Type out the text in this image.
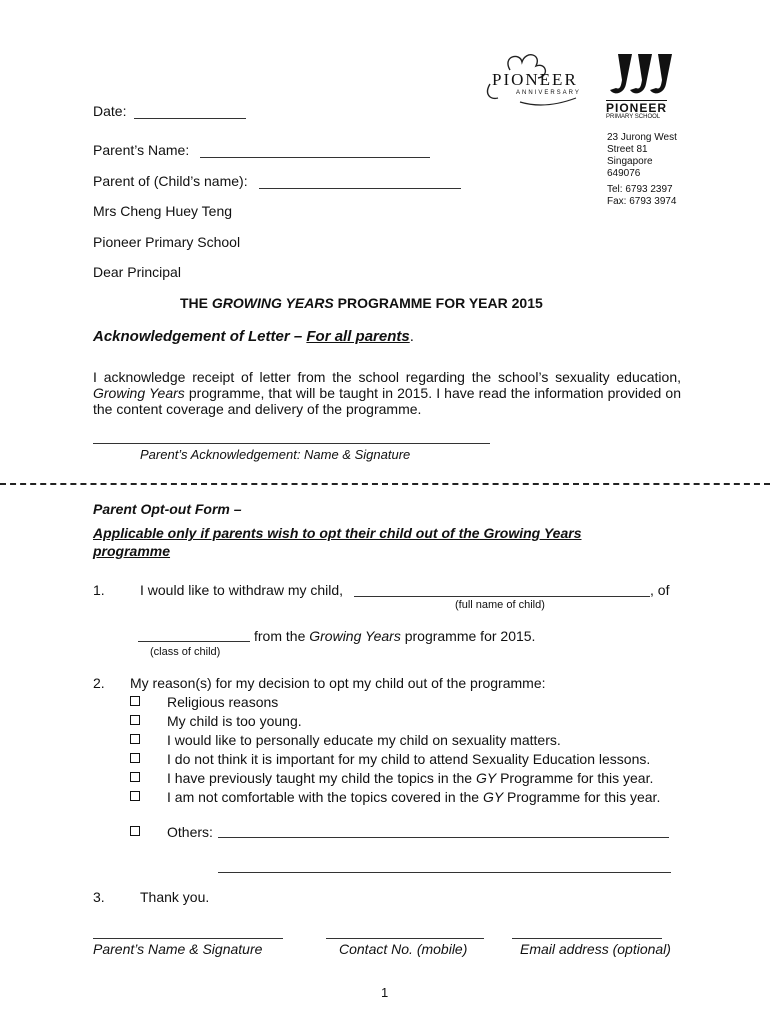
PIONEER
ANNIVERSARY
PIONEER
PRIMARY SCHOOL
23 Jurong West
Street 81
Singapore
649076
Tel: 6793 2397
Fax: 6793 3974
Date:
Parent’s Name:
Parent of (Child’s name):
Mrs Cheng Huey Teng
Pioneer Primary School
Dear Principal
THE GROWING YEARS PROGRAMME FOR YEAR 2015
Acknowledgement of Letter – For all parents.
I acknowledge receipt of letter from the school regarding the school’s sexuality education, Growing Years programme, that will be taught in 2015. I have read the information provided on the content coverage and delivery of the programme.
Parent’s Acknowledgement: Name & Signature
Parent Opt-out Form –
Applicable only if parents wish to opt their child out of the Growing Years
programme
1.	I would like to withdraw my child,	, of
(full name of child)
from the Growing Years programme for 2015.
(class of child)
2. My reason(s) for my decision to opt my child out of the programme:
Religious reasons
My child is too young.
I would like to personally educate my child on sexuality matters.
I do not think it is important for my child to attend Sexuality Education lessons.
I have previously taught my child the topics in the GY Programme for this year.
I am not comfortable with the topics covered in the GY Programme for this year.
Others:
3.	Thank you.
Parent’s Name & Signature	Contact No. (mobile)	Email address (optional)
1
